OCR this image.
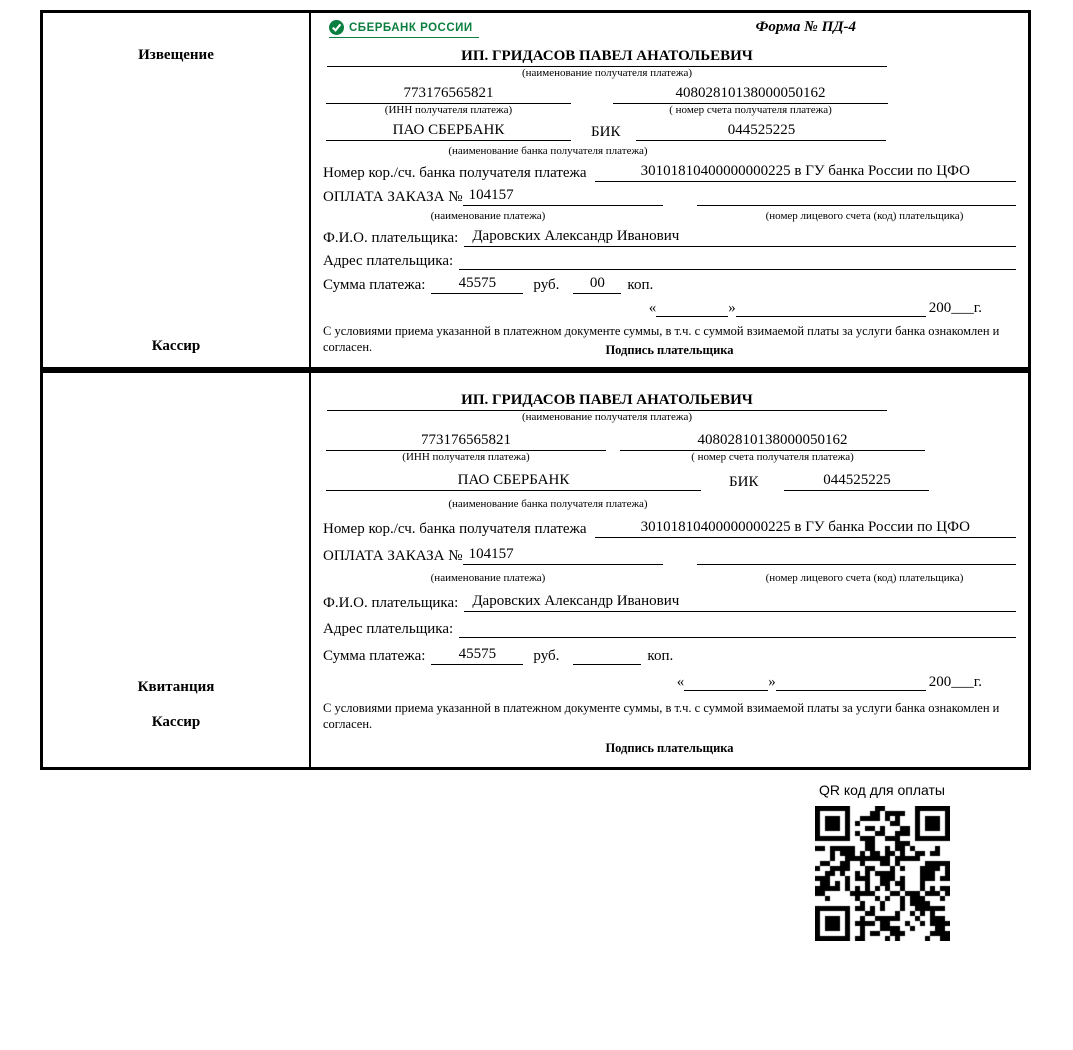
Извещение
Кассир
СБЕРБАНК РОССИИ	Форма № ПД-4
ИП. ГРИДАСОВ ПАВЕЛ АНАТОЛЬЕВИЧ
(наименование получателя платежа)
773176565821
(ИНН получателя платежа)
40802810138000050162
( номер счета получателя платежа)
ПАО СБЕРБАНК	БИК	044525225
(наименование банка получателя платежа)
Номер кор./сч. банка получателя платежа	30101810400000000225 в ГУ банка России по ЦФО
ОПЛАТА ЗАКАЗА № 104157
(наименование платежа)	(номер лицевого счета (код) плательщика)
Ф.И.О. плательщика: Даровских Александр Иванович
Адрес плательщика:
Сумма платежа:	45575	руб.	00	коп.
«	»	200___г.

С условиями приема указанной в платежном документе суммы, в т.ч. с суммой взимаемой платы за услуги банка ознакомлен и согласен.	Подпись плательщика
Квитанция
Кассир
ИП. ГРИДАСОВ ПАВЕЛ АНАТОЛЬЕВИЧ
(наименование получателя платежа)
773176565821
(ИНН получателя платежа)
40802810138000050162
( номер счета получателя платежа)
ПАО СБЕРБАНК	БИК	044525225
(наименование банка получателя платежа)
Номер кор./сч. банка получателя платежа	30101810400000000225 в ГУ банка России по ЦФО
ОПЛАТА ЗАКАЗА № 104157
(наименование платежа)	(номер лицевого счета (код) плательщика)
Ф.И.О. плательщика: Даровских Александр Иванович
Адрес плательщика:
Сумма платежа:	45575	руб.	коп.
«	»	200___г.

С условиями приема указанной в платежном документе суммы, в т.ч. с суммой взимаемой платы за услуги банка ознакомлен и согласен.

Подпись плательщика
QR код для оплаты
